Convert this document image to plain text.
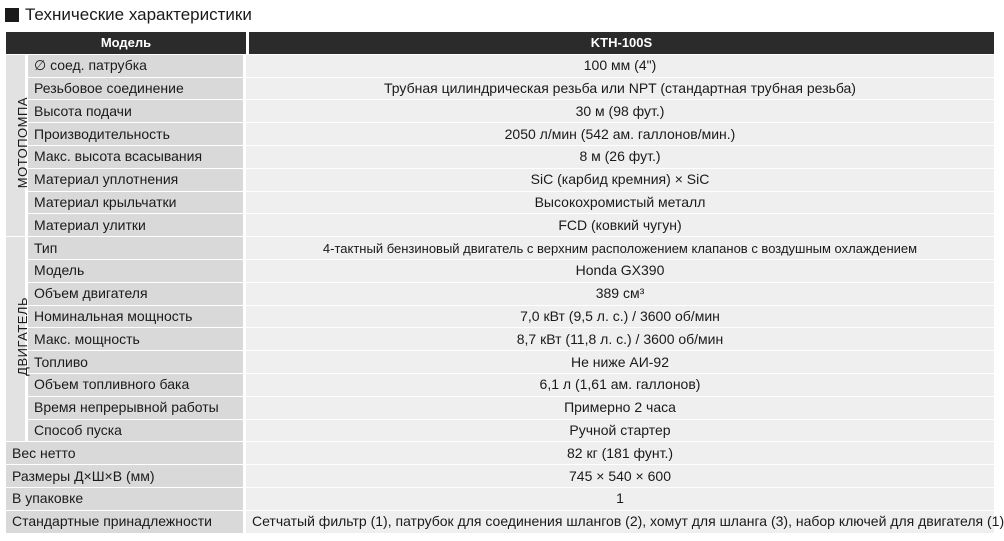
Технические характеристики
Модель		KTH-100S
МОТОПОМПА	∅ соед. патрубка	100 мм (4")
	Резьбовое соединение	Трубная цилиндрическая резьба или NPT (стандартная трубная резьба)
	Высота подачи	30 м (98 фут.)
	Производительность	2050 л/мин (542 ам. галлонов/мин.)
	Макс. высота всасывания	8 м (26 фут.)
	Материал уплотнения	SiC (карбид кремния) × SiC
	Материал крыльчатки	Высокохромистый металл
	Материал улитки	FCD (ковкий чугун)
ДВИГАТЕЛЬ	Тип	4-тактный бензиновый двигатель с верхним расположением клапанов с воздушным охлаждением
	Модель	Honda GX390
	Объем двигателя	389 см³
	Номинальная мощность	7,0 кВт (9,5 л. с.) / 3600 об/мин
	Макс. мощность	8,7 кВт (11,8 л. с.) / 3600 об/мин
	Топливо	Не ниже АИ-92
	Объем топливного бака	6,1 л (1,61 ам. галлонов)
	Время непрерывной работы	Примерно 2 часа
	Способ пуска	Ручной стартер
Вес нетто		82 кг (181 фунт.)
Размеры Д×Ш×В (мм)		745 × 540 × 600
В упаковке		1
Стандартные принадлежности		Сетчатый фильтр (1), патрубок для соединения шлангов (2), хомут для шланга (3), набор ключей для двигателя (1)
